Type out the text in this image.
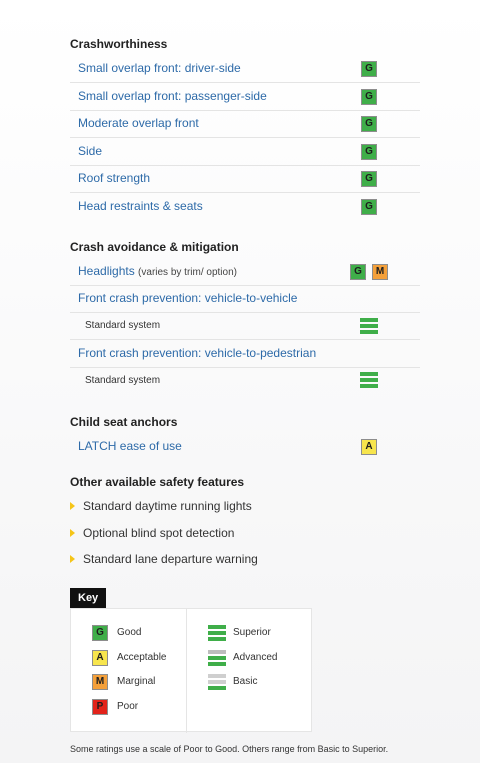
Crashworthiness
Small overlap front: driver-side	G
Small overlap front: passenger-side	G
Moderate overlap front	G
Side	G
Roof strength	G
Head restraints & seats	G
Crash avoidance & mitigation
Headlights (varies by trim/ option)	G	M
Front crash prevention: vehicle-to-vehicle
Standard system
Front crash prevention: vehicle-to-pedestrian
Standard system
Child seat anchors
LATCH ease of use	A
Other available safety features
Standard daytime running lights
Optional blind spot detection
Standard lane departure warning
Key
G	Good
A	Acceptable
M	Marginal
P	Poor
Superior
Advanced
Basic
Some ratings use a scale of Poor to Good. Others range from Basic to Superior.
